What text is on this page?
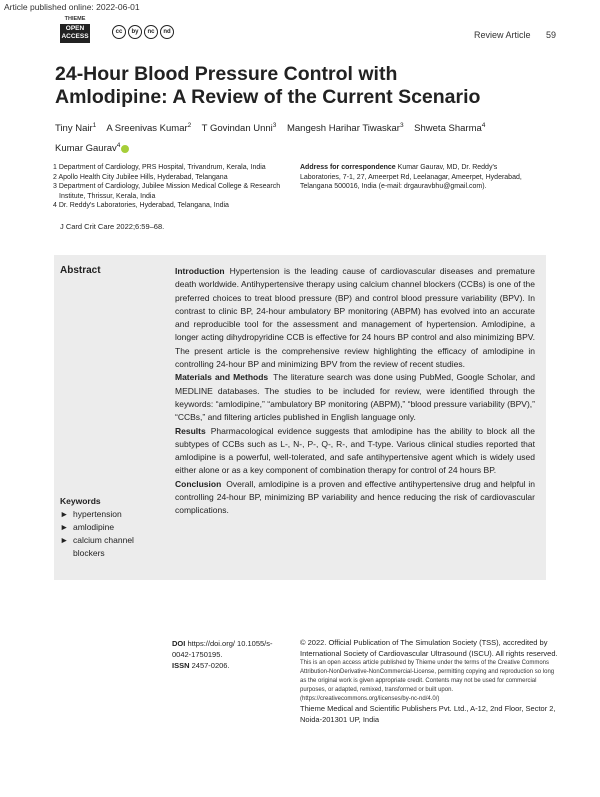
Article published online: 2022-06-01
THIEME
OPEN
ACCESS
cc	by	nc	nd	Review Article 59
24-Hour Blood Pressure Control with
Amlodipine: A Review of the Current Scenario
Tiny Nair$^1$ A Sreenivas Kumar$^2$ T Govindan Unni$^3$ Mangesh Harihar Tiwaskar$^3$ Shweta Sharma$^4$
Kumar Gaurav$^4$
1 Department of Cardiology, PRS Hospital, Trivandrum, Kerala, India
2 Apollo Health City Jubilee Hills, Hyderabad, Telangana
3 Department of Cardiology, Jubilee Mission Medical College & Research Institute, Thrissur, Kerala, India
4 Dr. Reddy's Laboratories, Hyderabad, Telangana, India
Address for correspondence Kumar Gaurav, MD, Dr. Reddy's Laboratories, 7-1, 27, Ameerpet Rd, Leelanagar, Ameerpet, Hyderabad, Telangana 500016, India (e-mail: drgauravbhu@gmail.com).
J Card Crit Care 2022;6:59–68.
Abstract	Introduction Hypertension is the leading cause of cardiovascular diseases and premature death worldwide. Antihypertensive therapy using calcium channel blockers (CCBs) is one of the preferred choices to treat blood pressure (BP) and control blood pressure variability (BPV). In contrast to clinic BP, 24-hour ambulatory BP monitoring (ABPM) has evolved into an accurate and reproducible tool for the assessment and management of hypertension. Amlodipine, a longer acting dihydropyridine CCB is effective for 24 hours BP control and also minimizing BPV. The present article is the comprehensive review highlighting the efficacy of amlodipine in controlling 24-hour BP and minimizing BPV from the review of recent studies.

Materials and Methods The literature search was done using PubMed, Google Scholar, and MEDLINE databases. The studies to be included for review, were identified through the keywords: “amlodipine,” “ambulatory BP monitoring (ABPM),” “blood pressure variability (BPV),” “CCBs,” and filtering articles published in English language only.

Results Pharmacological evidence suggests that amlodipine has the ability to block all the subtypes of CCBs such as L-, N-, P-, Q-, R-, and T-type. Various clinical studies reported that amlodipine is a powerful, well-tolerated, and safe antihypertensive agent which is widely used either alone or as a key component of combination therapy for control of 24 hours BP.

Conclusion Overall, amlodipine is a proven and effective antihypertensive drug and helpful in controlling 24-hour BP, minimizing BP variability and hence reducing the risk of cardiovascular complications.

Keywords
► hypertension
► amlodipine
► calcium channel blockers
DOI https://doi.org/ 10.1055/s-0042-1750195.
ISSN 2457-0206.
© 2022. Official Publication of The Simulation Society (TSS), accredited by International Society of Cardiovascular Ultrasound (ISCU). All rights reserved.
This is an open access article published by Thieme under the terms of the Creative Commons Attribution-NonDerivative-NonCommercial-License, permitting copying and reproduction so long as the original work is given appropriate credit. Contents may not be used for commercial purposes, or adapted, remixed, transformed or built upon. (https://creativecommons.org/licenses/by-nc-nd/4.0/)
Thieme Medical and Scientific Publishers Pvt. Ltd., A-12, 2nd Floor, Sector 2, Noida-201301 UP, India
